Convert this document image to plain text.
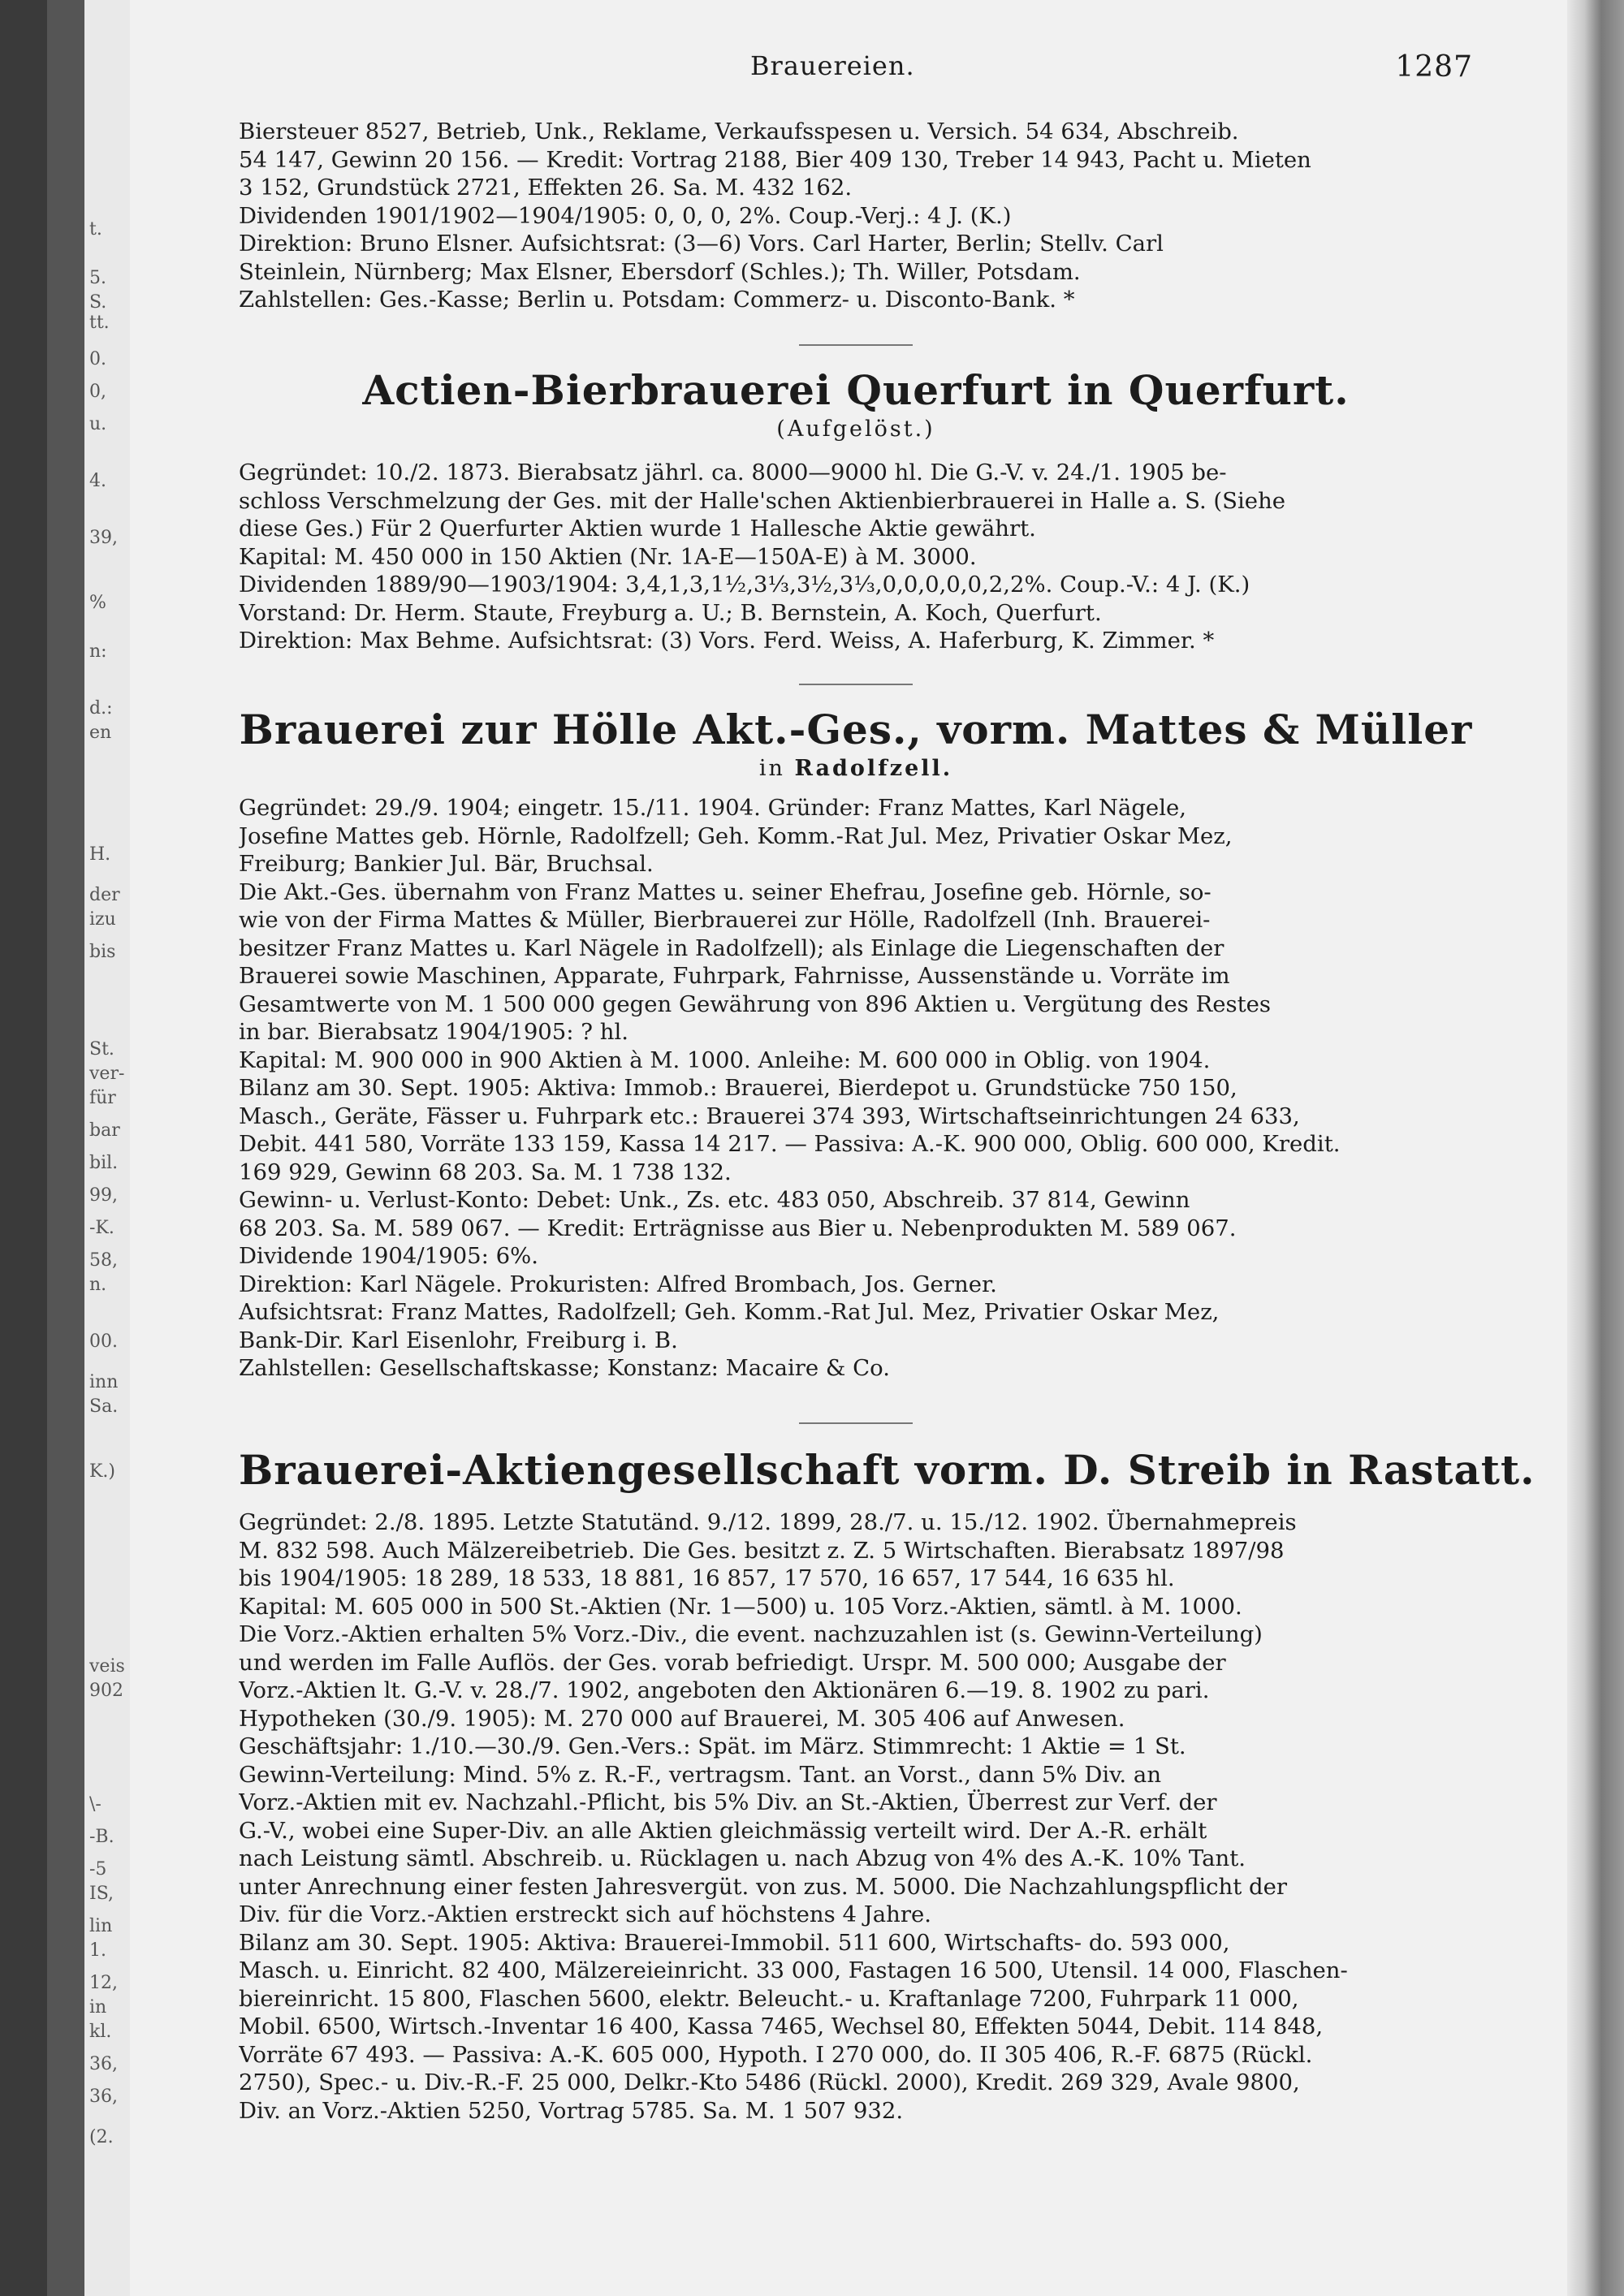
t.
5.
S.
tt.
0.
0,
u.
4.
39,
%
n:
d.:
en
H.
der
izu
bis
St.
ver-
für
bar
bil.
99,
-K.
58,
n.
00.
inn
Sa.
K.)
veis
902
\-
-B.
-5
IS,
lin
1.
12,
in
kl.
36,
36,
(2.
Brauereien.	1287
Biersteuer 8527, Betrieb, Unk., Reklame, Verkaufsspesen u. Versich. 54 634, Abschreib.
54 147, Gewinn 20 156. — Kredit: Vortrag 2188, Bier 409 130, Treber 14 943, Pacht u. Mieten
3 152, Grundstück 2721, Effekten 26. Sa. M. 432 162.
Dividenden 1901/1902—1904/1905: 0, 0, 0, 2%. Coup.-Verj.: 4 J. (K.)
Direktion: Bruno Elsner. Aufsichtsrat: (3—6) Vors. Carl Harter, Berlin; Stellv. Carl
Steinlein, Nürnberg; Max Elsner, Ebersdorf (Schles.); Th. Willer, Potsdam.
Zahlstellen: Ges.-Kasse; Berlin u. Potsdam: Commerz- u. Disconto-Bank. *
Actien-Bierbrauerei Querfurt in Querfurt.
(Aufgelöst.)
Gegründet: 10./2. 1873. Bierabsatz jährl. ca. 8000—9000 hl. Die G.-V. v. 24./1. 1905 be-
schloss Verschmelzung der Ges. mit der Halle'schen Aktienbierbrauerei in Halle a. S. (Siehe
diese Ges.) Für 2 Querfurter Aktien wurde 1 Hallesche Aktie gewährt.
Kapital: M. 450 000 in 150 Aktien (Nr. 1A-E—150A-E) à M. 3000.
Dividenden 1889/90—1903/1904: 3,4,1,3,1½,3⅓,3½,3⅓,0,0,0,0,0,2,2%. Coup.-V.: 4 J. (K.)
Vorstand: Dr. Herm. Staute, Freyburg a. U.; B. Bernstein, A. Koch, Querfurt.
Direktion: Max Behme. Aufsichtsrat: (3) Vors. Ferd. Weiss, A. Haferburg, K. Zimmer. *
Brauerei zur Hölle Akt.-Ges., vorm. Mattes & Müller
in Radolfzell.
Gegründet: 29./9. 1904; eingetr. 15./11. 1904. Gründer: Franz Mattes, Karl Nägele,
Josefine Mattes geb. Hörnle, Radolfzell; Geh. Komm.-Rat Jul. Mez, Privatier Oskar Mez,
Freiburg; Bankier Jul. Bär, Bruchsal.
Die Akt.-Ges. übernahm von Franz Mattes u. seiner Ehefrau, Josefine geb. Hörnle, so-
wie von der Firma Mattes & Müller, Bierbrauerei zur Hölle, Radolfzell (Inh. Brauerei-
besitzer Franz Mattes u. Karl Nägele in Radolfzell); als Einlage die Liegenschaften der
Brauerei sowie Maschinen, Apparate, Fuhrpark, Fahrnisse, Aussenstände u. Vorräte im
Gesamtwerte von M. 1 500 000 gegen Gewährung von 896 Aktien u. Vergütung des Restes
in bar. Bierabsatz 1904/1905: ? hl.
Kapital: M. 900 000 in 900 Aktien à M. 1000. Anleihe: M. 600 000 in Oblig. von 1904.
Bilanz am 30. Sept. 1905: Aktiva: Immob.: Brauerei, Bierdepot u. Grundstücke 750 150,
Masch., Geräte, Fässer u. Fuhrpark etc.: Brauerei 374 393, Wirtschaftseinrichtungen 24 633,
Debit. 441 580, Vorräte 133 159, Kassa 14 217. — Passiva: A.-K. 900 000, Oblig. 600 000, Kredit.
169 929, Gewinn 68 203. Sa. M. 1 738 132.
Gewinn- u. Verlust-Konto: Debet: Unk., Zs. etc. 483 050, Abschreib. 37 814, Gewinn
68 203. Sa. M. 589 067. — Kredit: Erträgnisse aus Bier u. Nebenprodukten M. 589 067.
Dividende 1904/1905: 6%.
Direktion: Karl Nägele. Prokuristen: Alfred Brombach, Jos. Gerner.
Aufsichtsrat: Franz Mattes, Radolfzell; Geh. Komm.-Rat Jul. Mez, Privatier Oskar Mez,
Bank-Dir. Karl Eisenlohr, Freiburg i. B.
Zahlstellen: Gesellschaftskasse; Konstanz: Macaire & Co.
Brauerei-Aktiengesellschaft vorm. D. Streib in Rastatt.
Gegründet: 2./8. 1895. Letzte Statutänd. 9./12. 1899, 28./7. u. 15./12. 1902. Übernahmepreis
M. 832 598. Auch Mälzereibetrieb. Die Ges. besitzt z. Z. 5 Wirtschaften. Bierabsatz 1897/98
bis 1904/1905: 18 289, 18 533, 18 881, 16 857, 17 570, 16 657, 17 544, 16 635 hl.
Kapital: M. 605 000 in 500 St.-Aktien (Nr. 1—500) u. 105 Vorz.-Aktien, sämtl. à M. 1000.
Die Vorz.-Aktien erhalten 5% Vorz.-Div., die event. nachzuzahlen ist (s. Gewinn-Verteilung)
und werden im Falle Auflös. der Ges. vorab befriedigt. Urspr. M. 500 000; Ausgabe der
Vorz.-Aktien lt. G.-V. v. 28./7. 1902, angeboten den Aktionären 6.—19. 8. 1902 zu pari.
Hypotheken (30./9. 1905): M. 270 000 auf Brauerei, M. 305 406 auf Anwesen.
Geschäftsjahr: 1./10.—30./9. Gen.-Vers.: Spät. im März. Stimmrecht: 1 Aktie = 1 St.
Gewinn-Verteilung: Mind. 5% z. R.-F., vertragsm. Tant. an Vorst., dann 5% Div. an
Vorz.-Aktien mit ev. Nachzahl.-Pflicht, bis 5% Div. an St.-Aktien, Überrest zur Verf. der
G.-V., wobei eine Super-Div. an alle Aktien gleichmässig verteilt wird. Der A.-R. erhält
nach Leistung sämtl. Abschreib. u. Rücklagen u. nach Abzug von 4% des A.-K. 10% Tant.
unter Anrechnung einer festen Jahresvergüt. von zus. M. 5000. Die Nachzahlungspflicht der
Div. für die Vorz.-Aktien erstreckt sich auf höchstens 4 Jahre.
Bilanz am 30. Sept. 1905: Aktiva: Brauerei-Immobil. 511 600, Wirtschafts- do. 593 000,
Masch. u. Einricht. 82 400, Mälzereieinricht. 33 000, Fastagen 16 500, Utensil. 14 000, Flaschen-
biereinricht. 15 800, Flaschen 5600, elektr. Beleucht.- u. Kraftanlage 7200, Fuhrpark 11 000,
Mobil. 6500, Wirtsch.-Inventar 16 400, Kassa 7465, Wechsel 80, Effekten 5044, Debit. 114 848,
Vorräte 67 493. — Passiva: A.-K. 605 000, Hypoth. I 270 000, do. II 305 406, R.-F. 6875 (Rückl.
2750), Spec.- u. Div.-R.-F. 25 000, Delkr.-Kto 5486 (Rückl. 2000), Kredit. 269 329, Avale 9800,
Div. an Vorz.-Aktien 5250, Vortrag 5785. Sa. M. 1 507 932.
